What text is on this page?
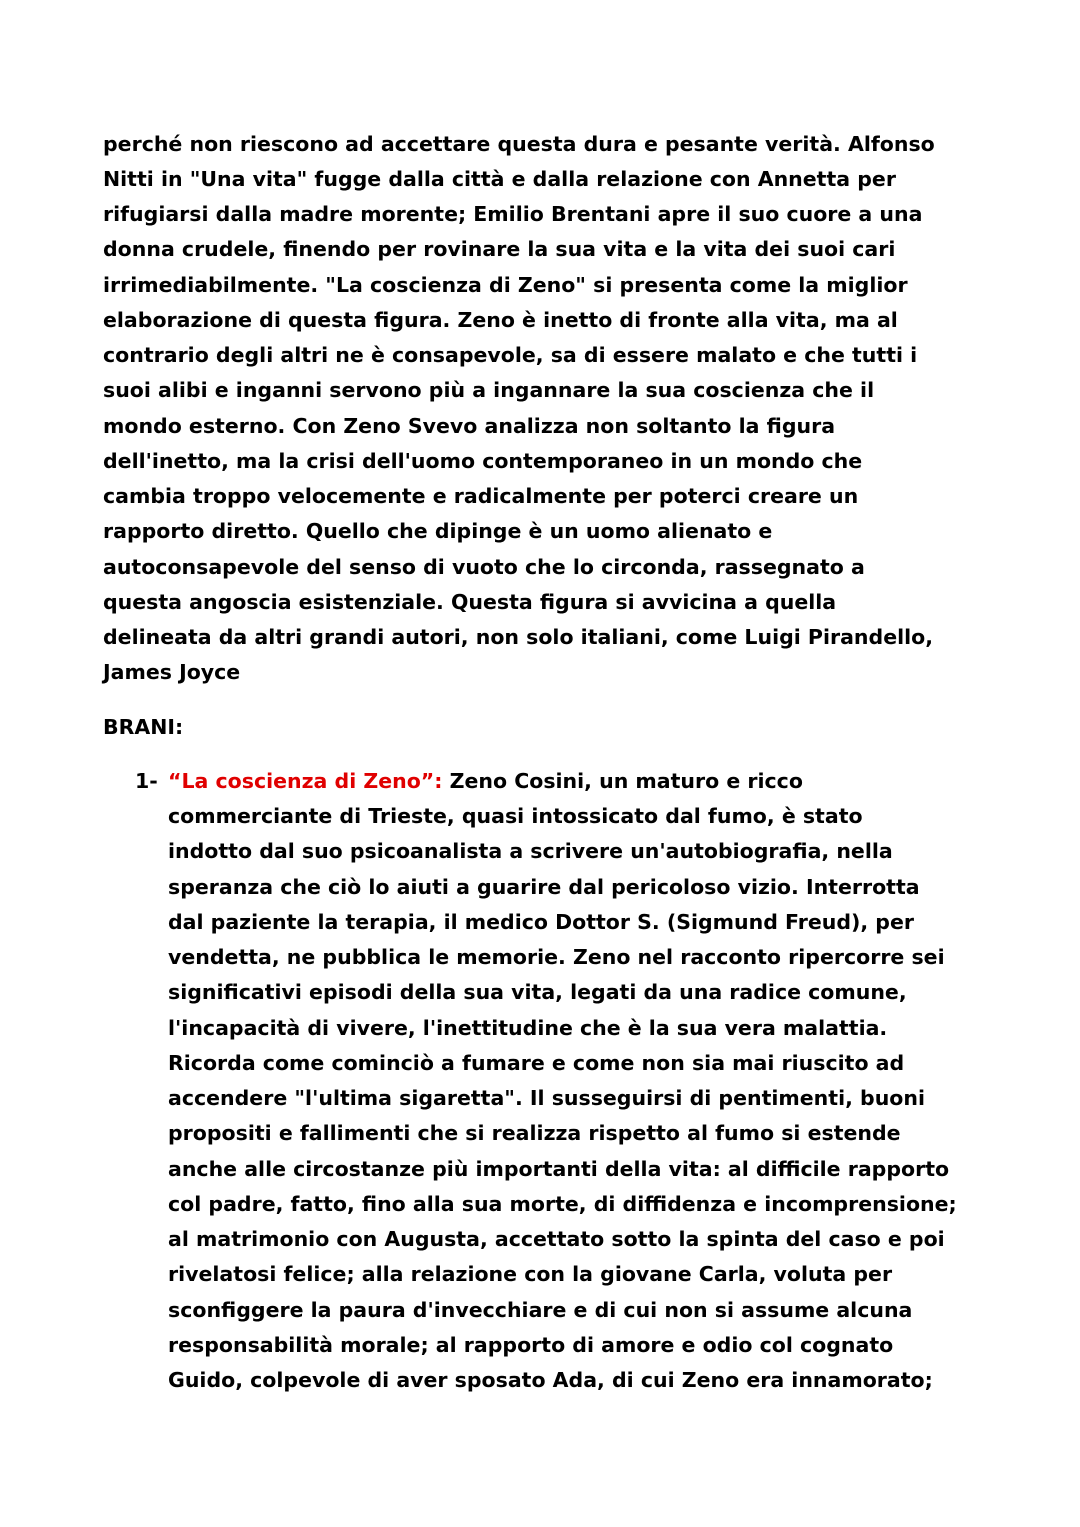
perché non riescono ad accettare questa dura e pesante verità. Alfonso
Nitti in "Una vita" fugge dalla città e dalla relazione con Annetta per
rifugiarsi dalla madre morente; Emilio Brentani apre il suo cuore a una
donna crudele, finendo per rovinare la sua vita e la vita dei suoi cari
irrimediabilmente. "La coscienza di Zeno" si presenta come la miglior
elaborazione di questa figura. Zeno è inetto di fronte alla vita, ma al
contrario degli altri ne è consapevole, sa di essere malato e che tutti i
suoi alibi e inganni servono più a ingannare la sua coscienza che il
mondo esterno. Con Zeno Svevo analizza non soltanto la figura
dell'inetto, ma la crisi dell'uomo contemporaneo in un mondo che
cambia troppo velocemente e radicalmente per poterci creare un
rapporto diretto. Quello che dipinge è un uomo alienato e
autoconsapevole del senso di vuoto che lo circonda, rassegnato a
questa angoscia esistenziale. Questa figura si avvicina a quella
delineata da altri grandi autori, non solo italiani, come Luigi Pirandello,
James Joyce
BRANI:
1- “La coscienza di Zeno”: Zeno Cosini, un maturo e ricco
commerciante di Trieste, quasi intossicato dal fumo, è stato
indotto dal suo psicoanalista a scrivere un'autobiografia, nella
speranza che ciò lo aiuti a guarire dal pericoloso vizio. Interrotta
dal paziente la terapia, il medico Dottor S. (Sigmund Freud), per
vendetta, ne pubblica le memorie. Zeno nel racconto ripercorre sei
significativi episodi della sua vita, legati da una radice comune,
l'incapacità di vivere, l'inettitudine che è la sua vera malattia.
Ricorda come cominciò a fumare e come non sia mai riuscito ad
accendere "l'ultima sigaretta". Il susseguirsi di pentimenti, buoni
propositi e fallimenti che si realizza rispetto al fumo si estende
anche alle circostanze più importanti della vita: al difficile rapporto
col padre, fatto, fino alla sua morte, di diffidenza e incomprensione;
al matrimonio con Augusta, accettato sotto la spinta del caso e poi
rivelatosi felice; alla relazione con la giovane Carla, voluta per
sconfiggere la paura d'invecchiare e di cui non si assume alcuna
responsabilità morale; al rapporto di amore e odio col cognato
Guido, colpevole di aver sposato Ada, di cui Zeno era innamorato;
